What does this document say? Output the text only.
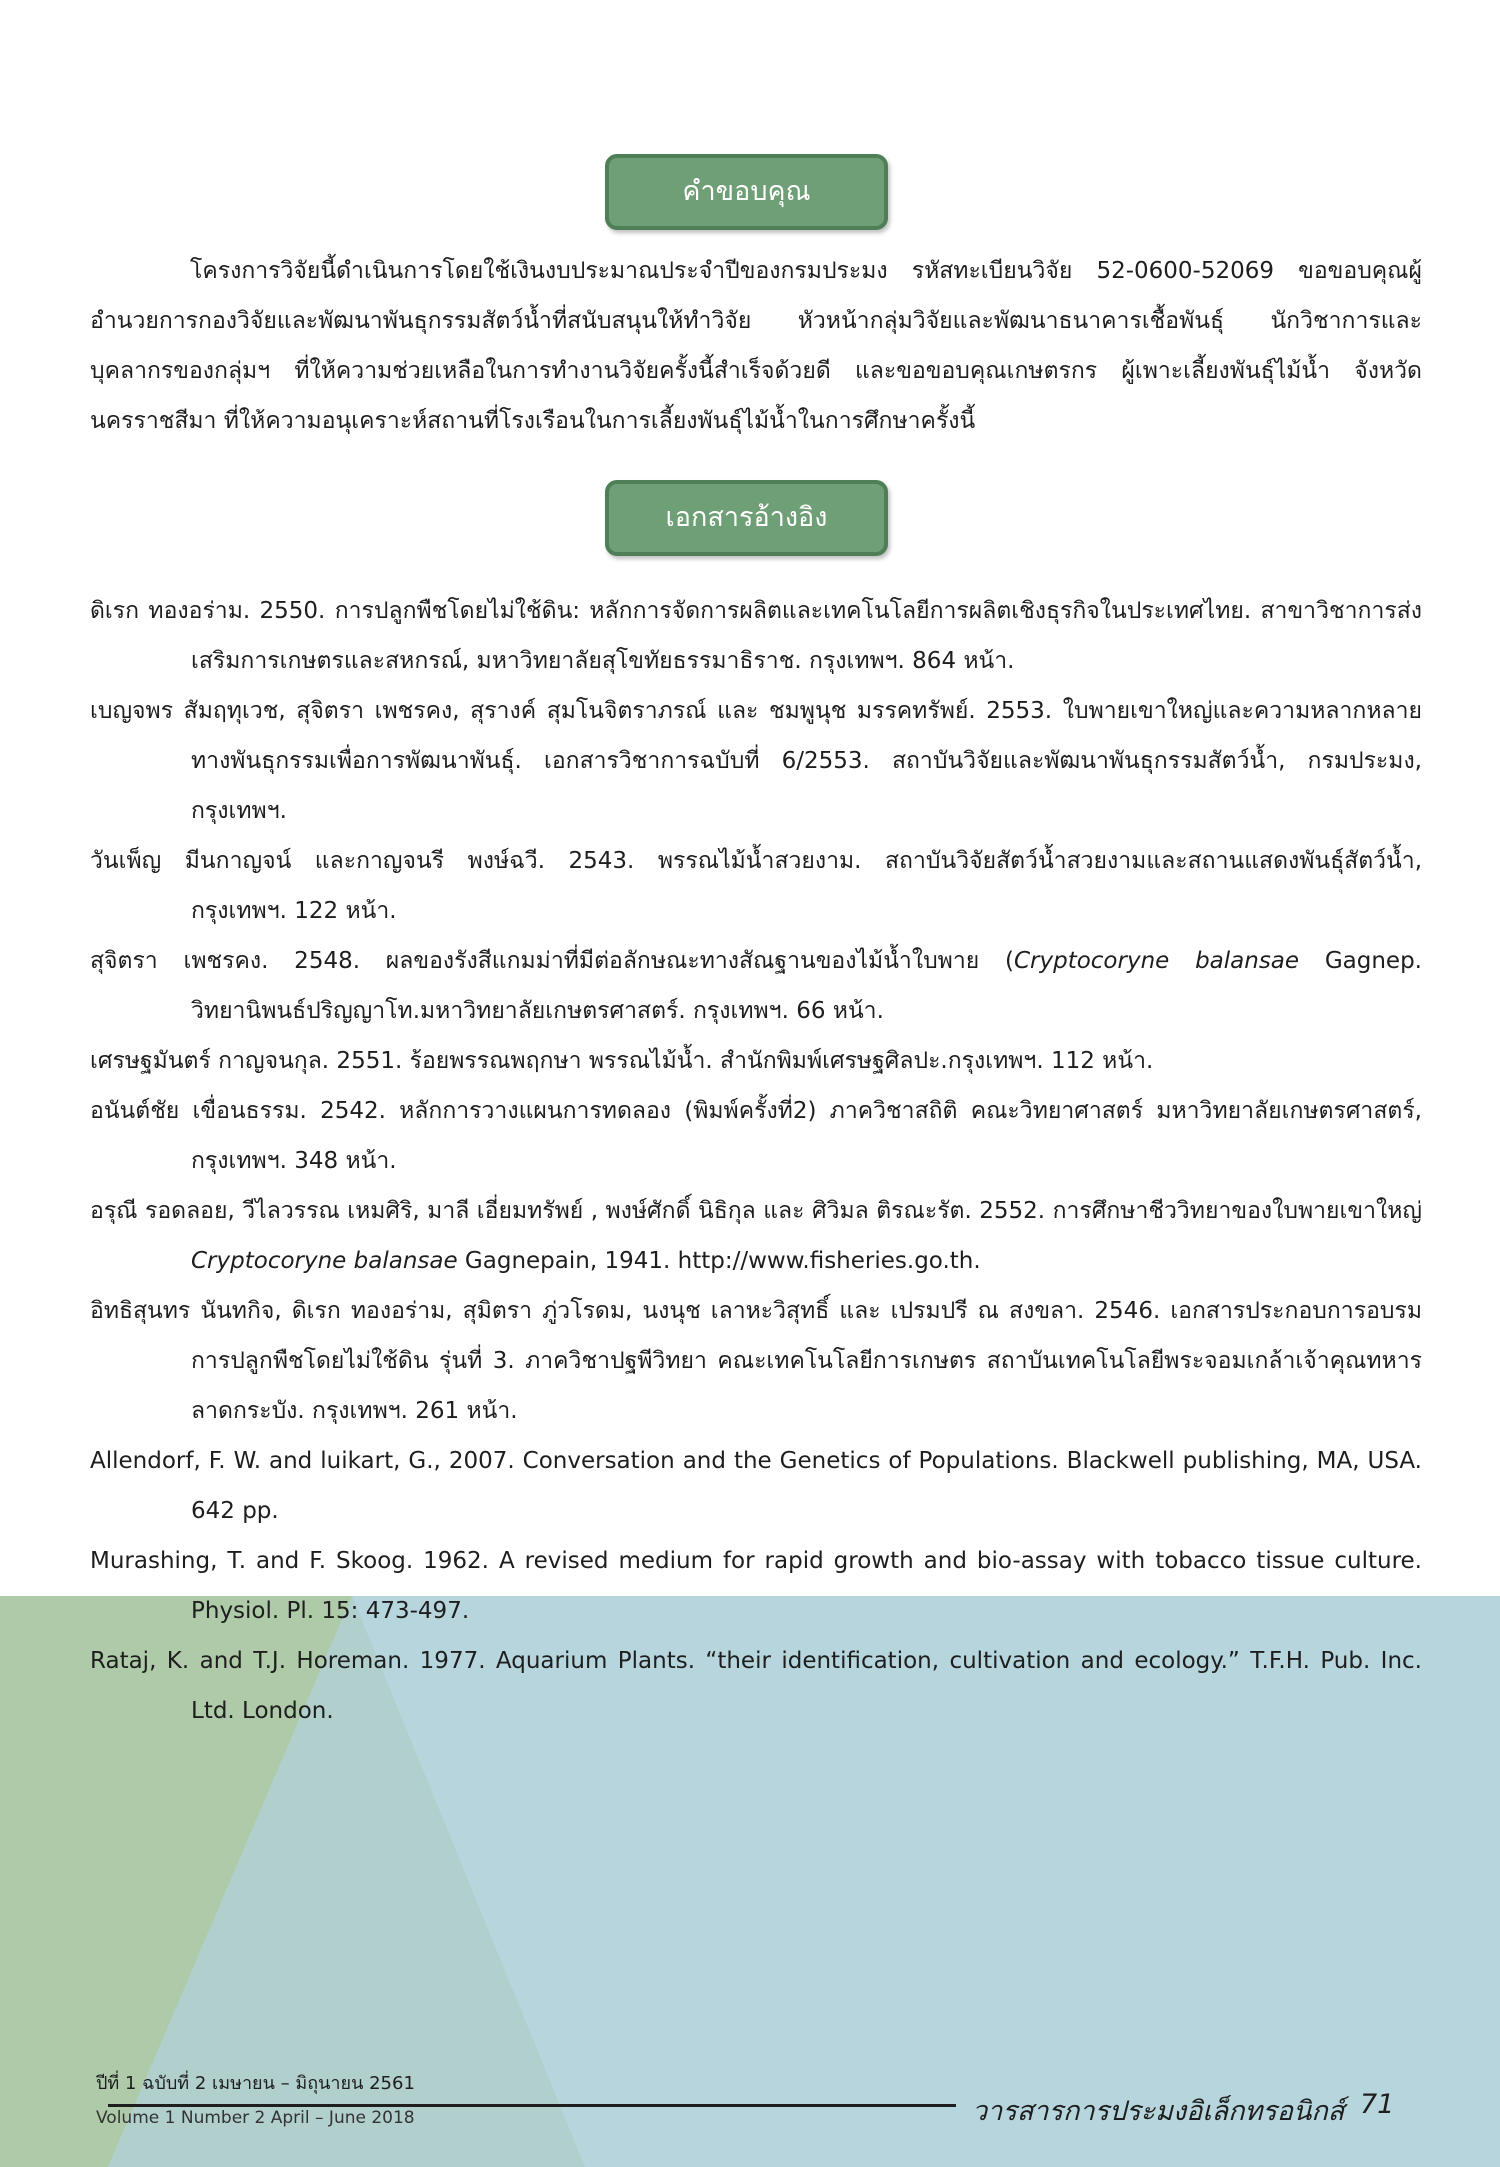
คำขอบคุณ

โครงการวิจัยนี้ดำเนินการโดยใช้เงินงบประมาณประจำปีของกรมประมง รหัสทะเบียนวิจัย 52-0600-52069 ขอขอบคุณผู้อำนวยการกองวิจัยและพัฒนาพันธุกรรมสัตว์น้ำที่สนับสนุนให้ทำวิจัย หัวหน้ากลุ่มวิจัยและพัฒนาธนาคารเชื้อพันธุ์ นักวิชาการและบุคลากรของกลุ่มฯ ที่ให้ความช่วยเหลือในการทำงานวิจัยครั้งนี้สำเร็จด้วยดี และขอขอบคุณเกษตรกร ผู้เพาะเลี้ยงพันธุ์ไม้น้ำ จังหวัดนครราชสีมา ที่ให้ความอนุเคราะห์สถานที่โรงเรือนในการเลี้ยงพันธุ์ไม้น้ำในการศึกษาครั้งนี้

เอกสารอ้างอิง
ดิเรก ทองอร่าม. 2550. การปลูกพืชโดยไม่ใช้ดิน: หลักการจัดการผลิตและเทคโนโลยีการผลิตเชิงธุรกิจในประเทศไทย. สาขาวิชาการส่งเสริมการเกษตรและสหกรณ์, มหาวิทยาลัยสุโขทัยธรรมาธิราช. กรุงเทพฯ. 864 หน้า.
เบญจพร สัมฤทุเวช, สุจิตรา เพชรคง, สุรางค์ สุมโนจิตราภรณ์ และ ชมพูนุช มรรคทรัพย์. 2553. ใบพายเขาใหญ่และความหลากหลายทางพันธุกรรมเพื่อการพัฒนาพันธุ์. เอกสารวิชาการฉบับที่ 6/2553. สถาบันวิจัยและพัฒนาพันธุกรรมสัตว์น้ำ, กรมประมง, กรุงเทพฯ.
วันเพ็ญ มีนกาญจน์ และกาญจนรี พงษ์ฉวี. 2543. พรรณไม้น้ำสวยงาม. สถาบันวิจัยสัตว์น้ำสวยงามและสถานแสดงพันธุ์สัตว์น้ำ, กรุงเทพฯ. 122 หน้า.
สุจิตรา เพชรคง. 2548. ผลของรังสีแกมม่าที่มีต่อลักษณะทางสัณฐานของไม้น้ำใบพาย (Cryptocoryne balansae Gagnep. วิทยานิพนธ์ปริญญาโท.มหาวิทยาลัยเกษตรศาสตร์. กรุงเทพฯ. 66 หน้า.
เศรษฐมันตร์ กาญจนกุล. 2551. ร้อยพรรณพฤกษา พรรณไม้น้ำ. สำนักพิมพ์เศรษฐศิลปะ.กรุงเทพฯ. 112 หน้า.
อนันต์ชัย เขื่อนธรรม. 2542. หลักการวางแผนการทดลอง (พิมพ์ครั้งที่2) ภาควิชาสถิติ คณะวิทยาศาสตร์ มหาวิทยาลัยเกษตรศาสตร์, กรุงเทพฯ. 348 หน้า.
อรุณี รอดลอย, วีไลวรรณ เหมศิริ, มาลี เอี่ยมทรัพย์ , พงษ์ศักดิ์ นิธิกุล และ ศิวิมล ติรณะรัต. 2552. การศึกษาชีววิทยาของใบพายเขาใหญ่ Cryptocoryne balansae Gagnepain, 1941. http://www.fisheries.go.th.
อิทธิสุนทร นันทกิจ, ดิเรก ทองอร่าม, สุมิตรา ภู่วโรดม, นงนุช เลาหะวิสุทธิ์ และ เปรมปรี ณ สงขลา. 2546. เอกสารประกอบการอบรมการปลูกพืชโดยไม่ใช้ดิน รุ่นที่ 3. ภาควิชาปฐพีวิทยา คณะเทคโนโลยีการเกษตร สถาบันเทคโนโลยีพระจอมเกล้าเจ้าคุณทหารลาดกระบัง. กรุงเทพฯ. 261 หน้า.
Allendorf, F. W. and luikart, G., 2007. Conversation and the Genetics of Populations. Blackwell publishing, MA, USA. 642 pp.
Murashing, T. and F. Skoog. 1962. A revised medium for rapid growth and bio-assay with tobacco tissue culture. Physiol. Pl. 15: 473-497.
Rataj, K. and T.J. Horeman. 1977. Aquarium Plants. “their identification, cultivation and ecology.” T.F.H. Pub. Inc. Ltd. London.
ปีที่ 1 ฉบับที่ 2 เมษายน – มิถุนายน 2561
Volume 1 Number 2 April – June 2018	วารสารการประมงอิเล็กทรอนิกส์ 71
